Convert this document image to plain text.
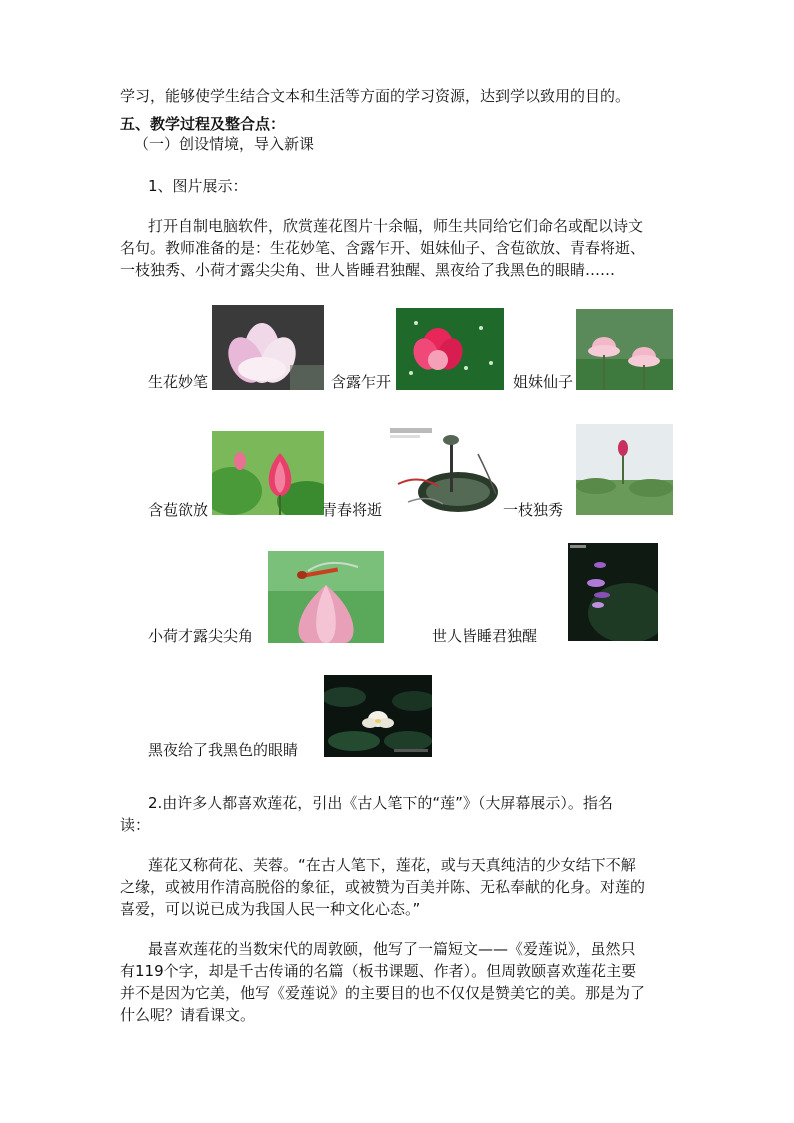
学习，能够使学生结合文本和生活等方面的学习资源，达到学以致用的目的。
五、教学过程及整合点：
（一）创设情境，导入新课
1、图片展示：
打开自制电脑软件，欣赏莲花图片十余幅，师生共同给它们命名或配以诗文
名句。教师准备的是：生花妙笔、含露乍开、姐妹仙子、含苞欲放、青春将逝、
一枝独秀、小荷才露尖尖角、世人皆睡君独醒、黑夜给了我黑色的眼睛……
生花妙笔	含露乍开	姐妹仙子
含苞欲放	青春将逝	一枝独秀
小荷才露尖尖角	世人皆睡君独醒
黑夜给了我黑色的眼睛
2.由许多人都喜欢莲花，引出《古人笔下的“莲”》（大屏幕展示）。指名
读：
莲花又称荷花、芙蓉。“在古人笔下，莲花，或与天真纯洁的少女结下不解
之缘，或被用作清高脱俗的象征，或被赞为百美并陈、无私奉献的化身。对莲的
喜爱，可以说已成为我国人民一种文化心态。”
最喜欢莲花的当数宋代的周敦颐，他写了一篇短文——《爱莲说》，虽然只
有119个字，却是千古传诵的名篇（板书课题、作者）。但周敦颐喜欢莲花主要
并不是因为它美，他写《爱莲说》的主要目的也不仅仅是赞美它的美。那是为了
什么呢？请看课文。
